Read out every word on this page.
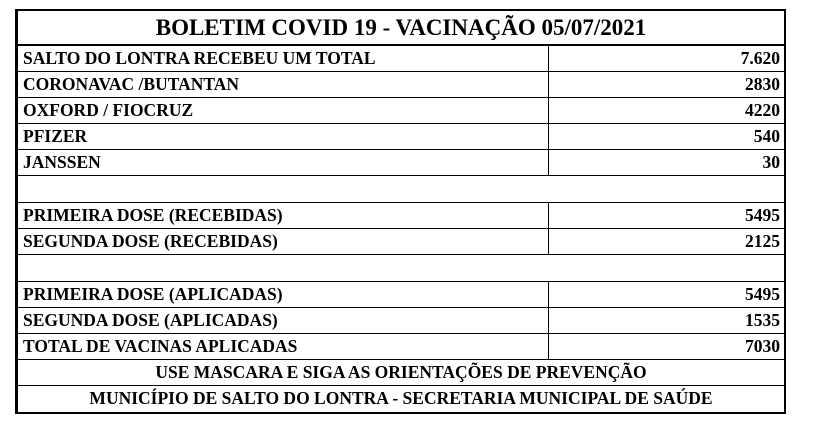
BOLETIM COVID 19 - VACINAÇÃO 05/07/2021
SALTO DO LONTRA RECEBEU UM TOTAL	7.620
CORONAVAC /BUTANTAN	2830
OXFORD / FIOCRUZ	4220
PFIZER	540
JANSSEN	30
PRIMEIRA DOSE (RECEBIDAS)	5495
SEGUNDA DOSE (RECEBIDAS)	2125
PRIMEIRA DOSE (APLICADAS)	5495
SEGUNDA DOSE (APLICADAS)	1535
TOTAL DE VACINAS APLICADAS	7030
USE MASCARA E SIGA AS ORIENTAÇÕES DE PREVENÇÃO
MUNICÍPIO DE SALTO DO LONTRA - SECRETARIA MUNICIPAL DE SAÚDE
